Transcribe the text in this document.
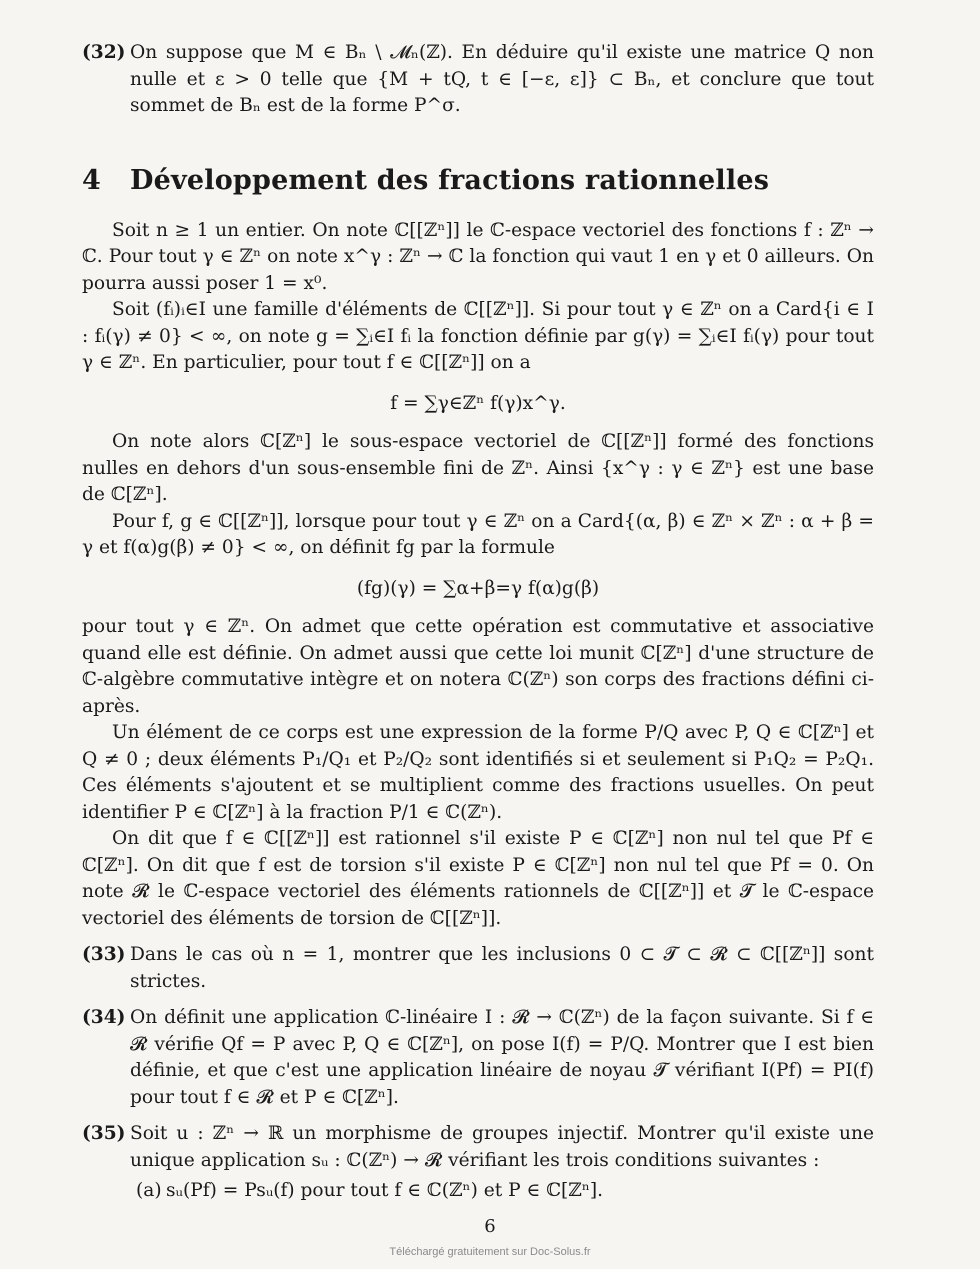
(32) On suppose que M ∈ Bₙ \ 𝓜ₙ(ℤ). En déduire qu'il existe une matrice Q non nulle et ε > 0 telle que {M + tQ, t ∈ [−ε, ε]} ⊂ Bₙ, et conclure que tout sommet de Bₙ est de la forme P^σ.
4 Développement des fractions rationnelles

Soit n ≥ 1 un entier. On note ℂ[[ℤⁿ]] le ℂ-espace vectoriel des fonctions f : ℤⁿ → ℂ. Pour tout γ ∈ ℤⁿ on note x^γ : ℤⁿ → ℂ la fonction qui vaut 1 en γ et 0 ailleurs. On pourra aussi poser 1 = x⁰.

Soit (fᵢ)ᵢ∈I une famille d'éléments de ℂ[[ℤⁿ]]. Si pour tout γ ∈ ℤⁿ on a Card{i ∈ I : fᵢ(γ) ≠ 0} < ∞, on note g = ∑ᵢ∈I fᵢ la fonction définie par g(γ) = ∑ᵢ∈I fᵢ(γ) pour tout γ ∈ ℤⁿ. En particulier, pour tout f ∈ ℂ[[ℤⁿ]] on a

f = ∑γ∈ℤⁿ f(γ)x^γ.

On note alors ℂ[ℤⁿ] le sous-espace vectoriel de ℂ[[ℤⁿ]] formé des fonctions nulles en dehors d'un sous-ensemble fini de ℤⁿ. Ainsi {x^γ : γ ∈ ℤⁿ} est une base de ℂ[ℤⁿ].

Pour f, g ∈ ℂ[[ℤⁿ]], lorsque pour tout γ ∈ ℤⁿ on a Card{(α, β) ∈ ℤⁿ × ℤⁿ : α + β = γ et f(α)g(β) ≠ 0} < ∞, on définit fg par la formule

(fg)(γ) = ∑α+β=γ f(α)g(β)

pour tout γ ∈ ℤⁿ. On admet que cette opération est commutative et associative quand elle est définie. On admet aussi que cette loi munit ℂ[ℤⁿ] d'une structure de ℂ-algèbre commutative intègre et on notera ℂ(ℤⁿ) son corps des fractions défini ci-après.

Un élément de ce corps est une expression de la forme P/Q avec P, Q ∈ ℂ[ℤⁿ] et Q ≠ 0 ; deux éléments P₁/Q₁ et P₂/Q₂ sont identifiés si et seulement si P₁Q₂ = P₂Q₁. Ces éléments s'ajoutent et se multiplient comme des fractions usuelles. On peut identifier P ∈ ℂ[ℤⁿ] à la fraction P/1 ∈ ℂ(ℤⁿ).

On dit que f ∈ ℂ[[ℤⁿ]] est rationnel s'il existe P ∈ ℂ[ℤⁿ] non nul tel que Pf ∈ ℂ[ℤⁿ]. On dit que f est de torsion s'il existe P ∈ ℂ[ℤⁿ] non nul tel que Pf = 0. On note 𝓡 le ℂ-espace vectoriel des éléments rationnels de ℂ[[ℤⁿ]] et 𝓣 le ℂ-espace vectoriel des éléments de torsion de ℂ[[ℤⁿ]].

(33) Dans le cas où n = 1, montrer que les inclusions 0 ⊂ 𝓣 ⊂ 𝓡 ⊂ ℂ[[ℤⁿ]] sont strictes.
(34) On définit une application ℂ-linéaire I : 𝓡 → ℂ(ℤⁿ) de la façon suivante. Si f ∈ 𝓡 vérifie Qf = P avec P, Q ∈ ℂ[ℤⁿ], on pose I(f) = P/Q. Montrer que I est bien définie, et que c'est une application linéaire de noyau 𝓣 vérifiant I(Pf) = PI(f) pour tout f ∈ 𝓡 et P ∈ ℂ[ℤⁿ].
(35) Soit u : ℤⁿ → ℝ un morphisme de groupes injectif. Montrer qu'il existe une unique application sᵤ : ℂ(ℤⁿ) → 𝓡 vérifiant les trois conditions suivantes :
(a) sᵤ(Pf) = Psᵤ(f) pour tout f ∈ ℂ(ℤⁿ) et P ∈ ℂ[ℤⁿ].
6
Téléchargé gratuitement sur Doc-Solus.fr
